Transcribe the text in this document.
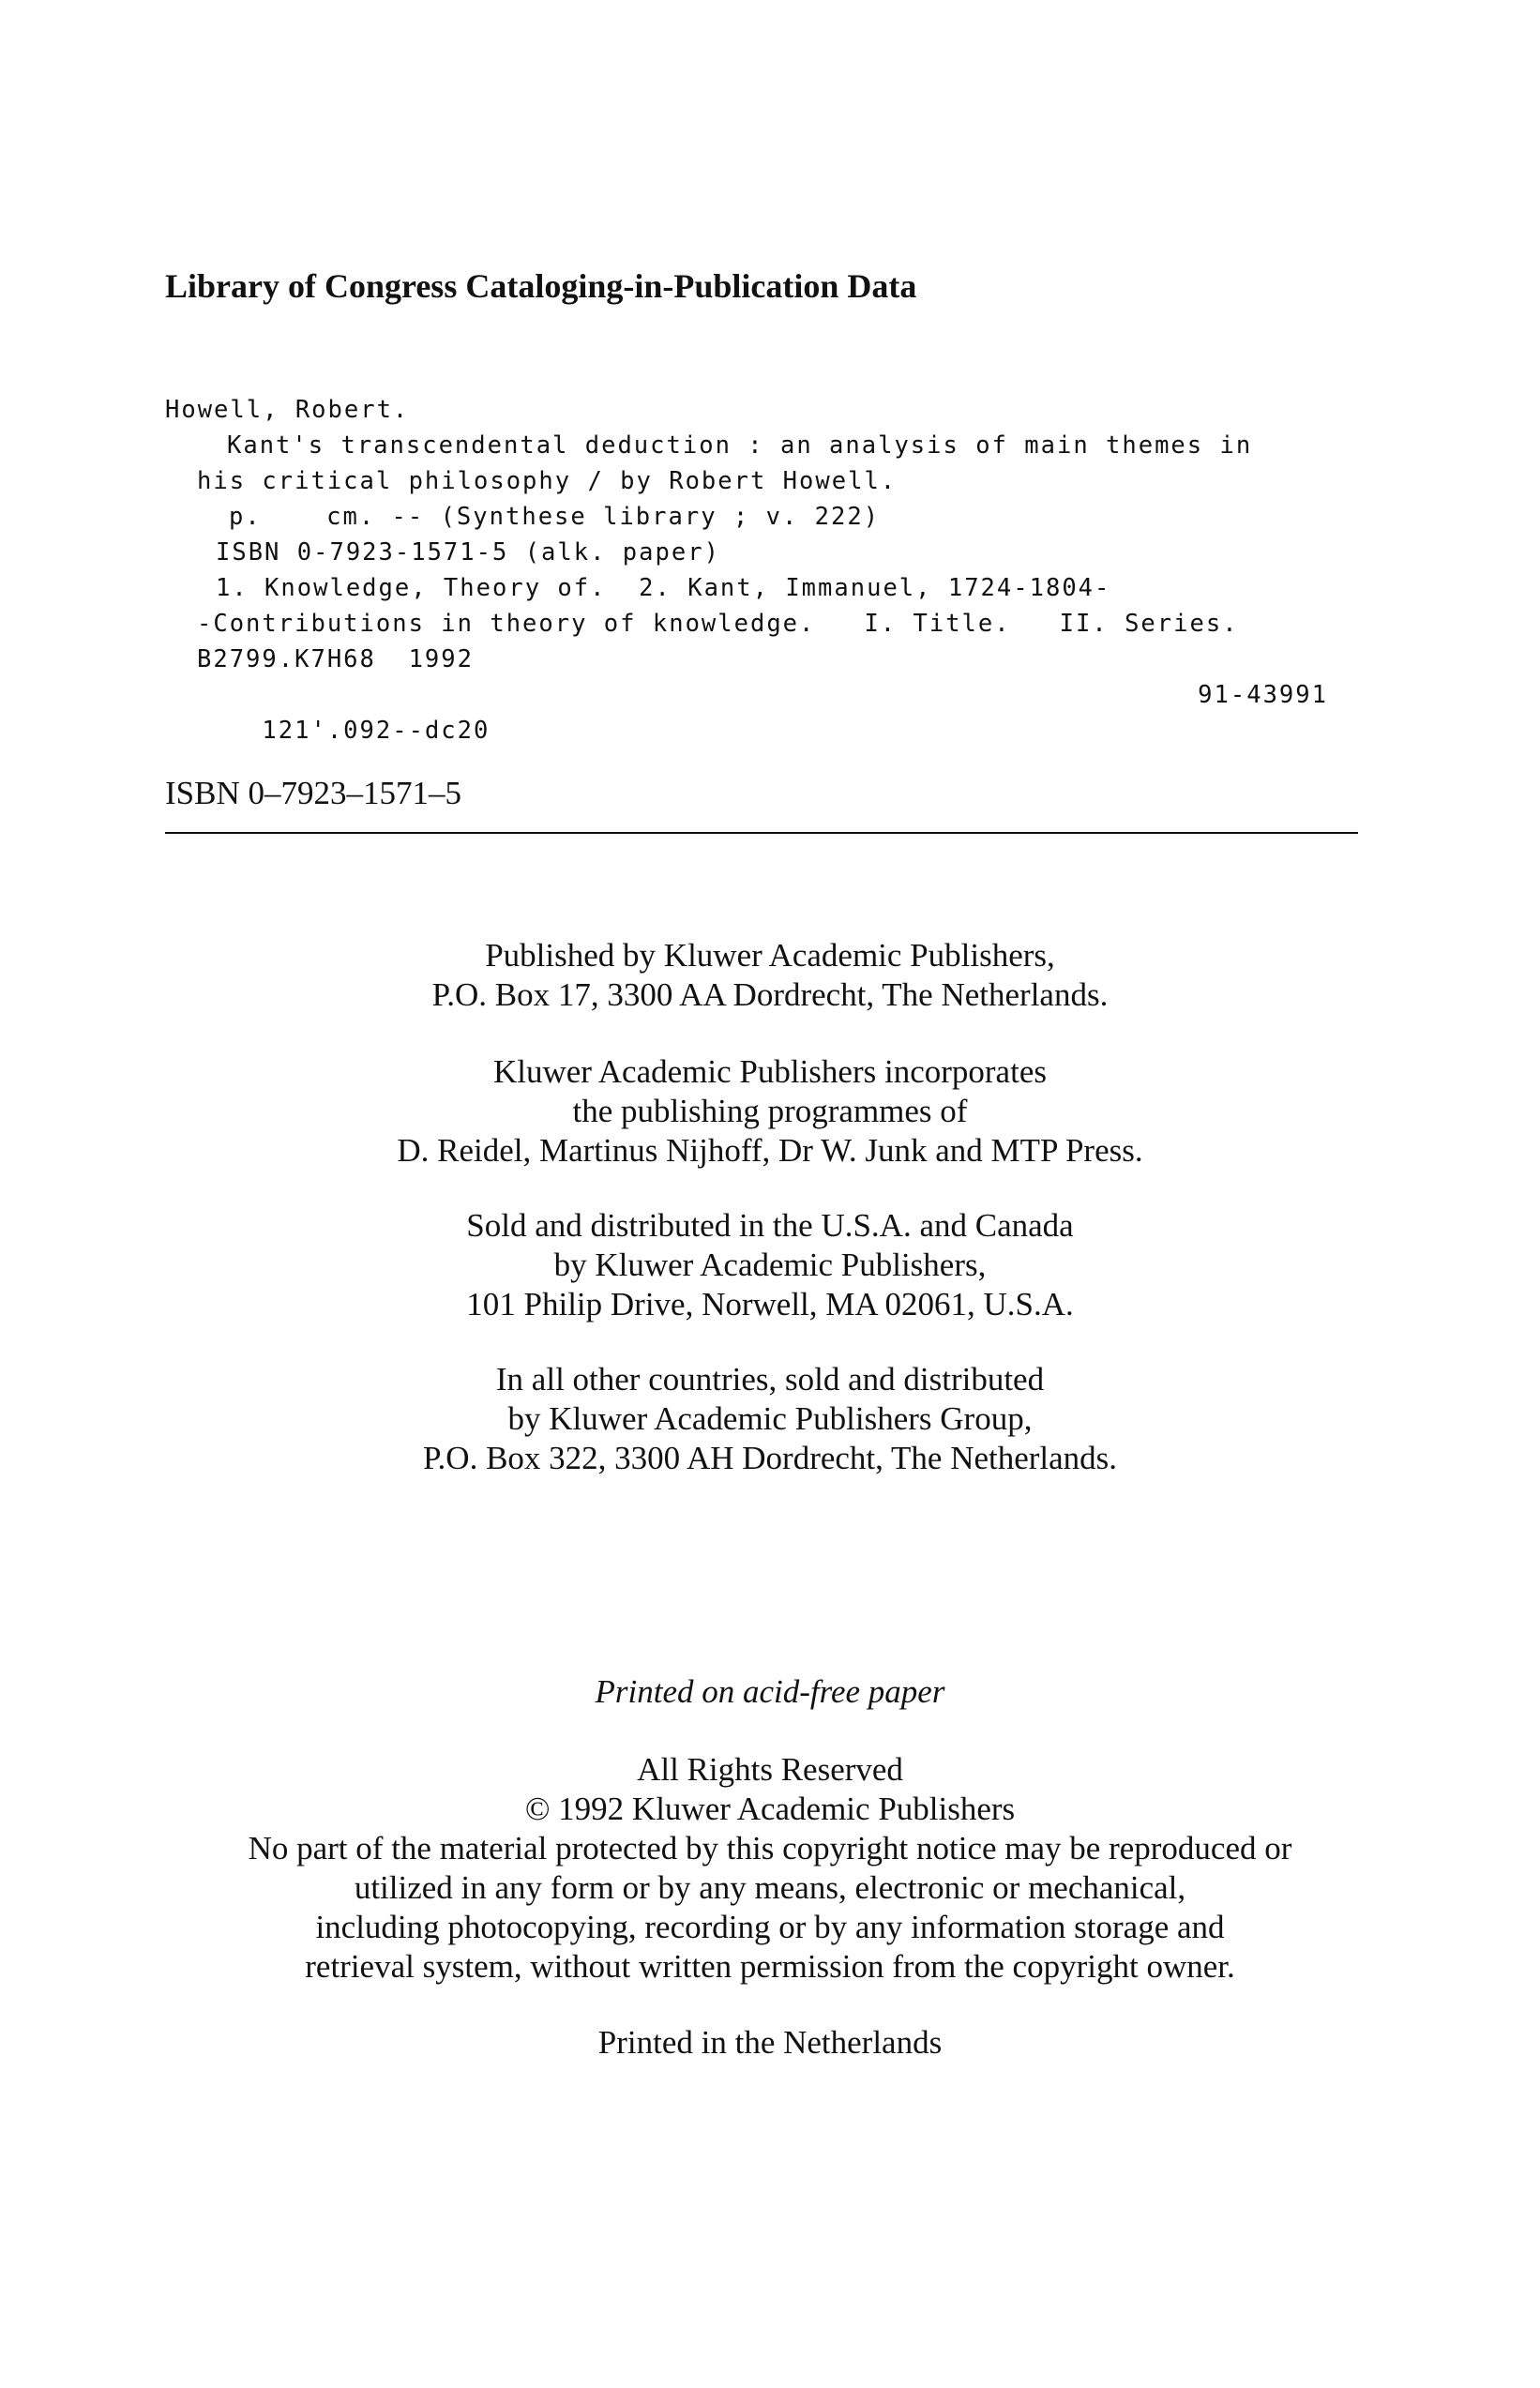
Library of Congress Cataloging-in-Publication Data
Howell, Robert.
Kant's transcendental deduction : an analysis of main themes in
his critical philosophy / by Robert Howell.
p.    cm. -- (Synthese library ; v. 222)
ISBN 0-7923-1571-5 (alk. paper)
1. Knowledge, Theory of.  2. Kant, Immanuel, 1724-1804-
-Contributions in theory of knowledge.   I. Title.   II. Series.
B2799.K7H68  1992

121'.092--dc20

91-43991

ISBN 0–7923–1571–5
Published by Kluwer Academic Publishers,
P.O. Box 17, 3300 AA Dordrecht, The Netherlands.
Kluwer Academic Publishers incorporates
the publishing programmes of
D. Reidel, Martinus Nijhoff, Dr W. Junk and MTP Press.
Sold and distributed in the U.S.A. and Canada
by Kluwer Academic Publishers,
101 Philip Drive, Norwell, MA 02061, U.S.A.
In all other countries, sold and distributed
by Kluwer Academic Publishers Group,
P.O. Box 322, 3300 AH Dordrecht, The Netherlands.
Printed on acid-free paper
All Rights Reserved
© 1992 Kluwer Academic Publishers
No part of the material protected by this copyright notice may be reproduced or
utilized in any form or by any means, electronic or mechanical,
including photocopying, recording or by any information storage and
retrieval system, without written permission from the copyright owner.
Printed in the Netherlands
